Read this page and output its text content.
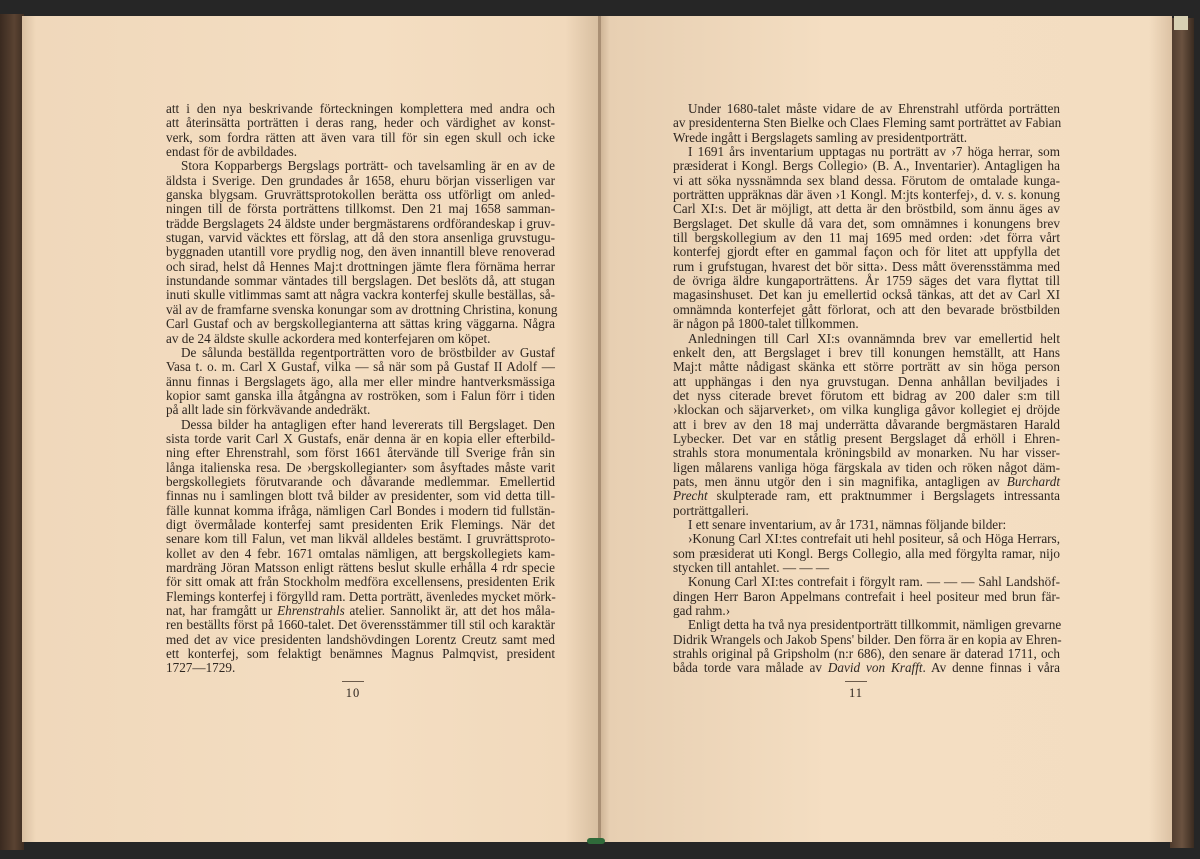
att i den nya beskrivande förteckningen komplettera med andra och
att återinsätta porträtten i deras rang, heder och värdighet av konst-
verk, som fordra rätten att även vara till för sin egen skull och icke
endast för de avbildades.
Stora Kopparbergs Bergslags porträtt- och tavelsamling är en av de
äldsta i Sverige. Den grundades år 1658, ehuru början visserligen var
ganska blygsam. Gruvrättsprotokollen berätta oss utförligt om anled-
ningen till de första porträttens tillkomst. Den 21 maj 1658 samman-
trädde Bergslagets 24 äldste under bergmästarens ordförandeskap i gruv-
stugan, varvid väcktes ett förslag, att då den stora ansenliga gruvstugu-
byggnaden utantill vore prydlig nog, den även innantill bleve renoverad
och sirad, helst då Hennes Maj:t drottningen jämte flera förnäma herrar
instundande sommar väntades till bergslagen. Det beslöts då, att stugan
inuti skulle vitlimmas samt att några vackra konterfej skulle beställas, så-
väl av de framfarne svenska konungar som av drottning Christina, konung
Carl Gustaf och av bergskollegianterna att sättas kring väggarna. Några
av de 24 äldste skulle ackordera med konterfejaren om köpet.
De sålunda beställda regentporträtten voro de bröstbilder av Gustaf
Vasa t. o. m. Carl X Gustaf, vilka — så när som på Gustaf II Adolf —
ännu finnas i Bergslagets ägo, alla mer eller mindre hantverksmässiga
kopior samt ganska illa åtgångna av roströken, som i Falun förr i tiden
på allt lade sin förkvävande andedräkt.
Dessa bilder ha antagligen efter hand levererats till Bergslaget. Den
sista torde varit Carl X Gustafs, enär denna är en kopia eller efterbild-
ning efter Ehrenstrahl, som först 1661 återvände till Sverige från sin
långa italienska resa. De ›bergskollegianter› som åsyftades måste varit
bergskollegiets förutvarande och dåvarande medlemmar. Emellertid
finnas nu i samlingen blott två bilder av presidenter, som vid detta till-
fälle kunnat komma ifråga, nämligen Carl Bondes i modern tid fullstän-
digt övermålade konterfej samt presidenten Erik Flemings. När det
senare kom till Falun, vet man likväl alldeles bestämt. I gruvrättsproto-
kollet av den 4 febr. 1671 omtalas nämligen, att bergskollegiets kam-
mardräng Jöran Matsson enligt rättens beslut skulle erhålla 4 rdr specie
för sitt omak att från Stockholm medföra excellensens, presidenten Erik
Flemings konterfej i förgylld ram. Detta porträtt, ävenledes mycket mörk-
nat, har framgått ur Ehrenstrahls atelier. Sannolikt är, att det hos måla-
ren beställts först på 1660-talet. Det överensstämmer till stil och karaktär
med det av vice presidenten landshövdingen Lorentz Creutz samt med
ett konterfej, som felaktigt benämnes Magnus Palmqvist, president
1727—1729.
10
Under 1680-talet måste vidare de av Ehrenstrahl utförda porträtten
av presidenterna Sten Bielke och Claes Fleming samt porträttet av Fabian
Wrede ingått i Bergslagets samling av presidentporträtt.
I 1691 års inventarium upptagas nu porträtt av ›7 höga herrar, som
præsiderat i Kongl. Bergs Collegio› (B. A., Inventarier). Antagligen ha
vi att söka nyssnämnda sex bland dessa. Förutom de omtalade kunga-
porträtten uppräknas där även ›1 Kongl. M:jts konterfej›, d. v. s. konung
Carl XI:s. Det är möjligt, att detta är den bröstbild, som ännu äges av
Bergslaget. Det skulle då vara det, som omnämnes i konungens brev
till bergskollegium av den 11 maj 1695 med orden: ›det förra vårt
konterfej gjordt efter en gammal façon och för litet att uppfylla det
rum i grufstugan, hvarest det bör sitta›. Dess mått överensstämma med
de övriga äldre kungaporträttens. År 1759 säges det vara flyttat till
magasinshuset. Det kan ju emellertid också tänkas, att det av Carl XI
omnämnda konterfejet gått förlorat, och att den bevarade bröstbilden
är någon på 1800-talet tillkommen.
Anledningen till Carl XI:s ovannämnda brev var emellertid helt
enkelt den, att Bergslaget i brev till konungen hemställt, att Hans
Maj:t måtte nådigast skänka ett större porträtt av sin höga person
att upphängas i den nya gruvstugan. Denna anhållan beviljades i
det nyss citerade brevet förutom ett bidrag av 200 daler s:m till
›klockan och säjarverket›, om vilka kungliga gåvor kollegiet ej dröjde
att i brev av den 18 maj underrätta dåvarande bergmästaren Harald
Lybecker. Det var en ståtlig present Bergslaget då erhöll i Ehren-
strahls stora monumentala kröningsbild av monarken. Nu har visser-
ligen målarens vanliga höga färgskala av tiden och röken något däm-
pats, men ännu utgör den i sin magnifika, antagligen av Burchardt
Precht skulpterade ram, ett praktnummer i Bergslagets intressanta
porträttgalleri.
I ett senare inventarium, av år 1731, nämnas följande bilder:
›Konung Carl XI:tes contrefait uti hehl positeur, så och Höga Herrars,
som præsiderat uti Kongl. Bergs Collegio, alla med förgylta ramar, nijo
stycken till antahlet. — — —
Konung Carl XI:tes contrefait i förgylt ram. — — — Sahl Landshöf-
dingen Herr Baron Appelmans contrefait i heel positeur med brun fär-
gad rahm.›
Enligt detta ha två nya presidentporträtt tillkommit, nämligen grevarne
Didrik Wrangels och Jakob Spens' bilder. Den förra är en kopia av Ehren-
strahls original på Gripsholm (n:r 686), den senare är daterad 1711, och
båda torde vara målade av David von Krafft. Av denne finnas i våra
11
